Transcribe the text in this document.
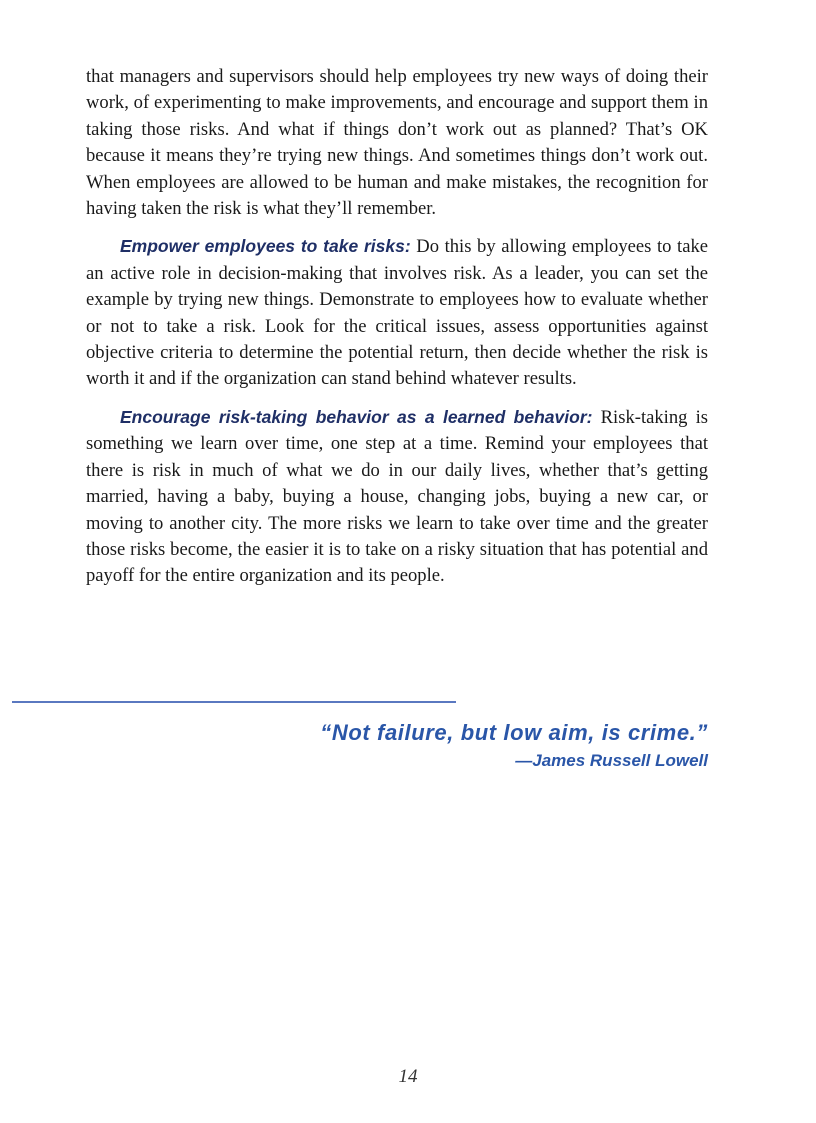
that managers and supervisors should help employees try new ways of doing their work, of experimenting to make improvements, and encourage and support them in taking those risks. And what if things don’t work out as planned? That’s OK because it means they’re trying new things. And sometimes things don’t work out. When employees are allowed to be human and make mistakes, the recognition for having taken the risk is what they’ll remember.

Empower employees to take risks: Do this by allowing employees to take an active role in decision-making that involves risk. As a leader, you can set the example by trying new things. Demonstrate to employees how to evaluate whether or not to take a risk. Look for the critical issues, assess opportunities against objective criteria to determine the potential return, then decide whether the risk is worth it and if the organization can stand behind whatever results.

Encourage risk-taking behavior as a learned behavior: Risk-taking is something we learn over time, one step at a time. Remind your employees that there is risk in much of what we do in our daily lives, whether that’s getting married, having a baby, buying a house, changing jobs, buying a new car, or moving to another city. The more risks we learn to take over time and the greater those risks become, the easier it is to take on a risky situation that has potential and payoff for the entire organization and its people.

“Not failure, but low aim, is crime.”
—James Russell Lowell
14
